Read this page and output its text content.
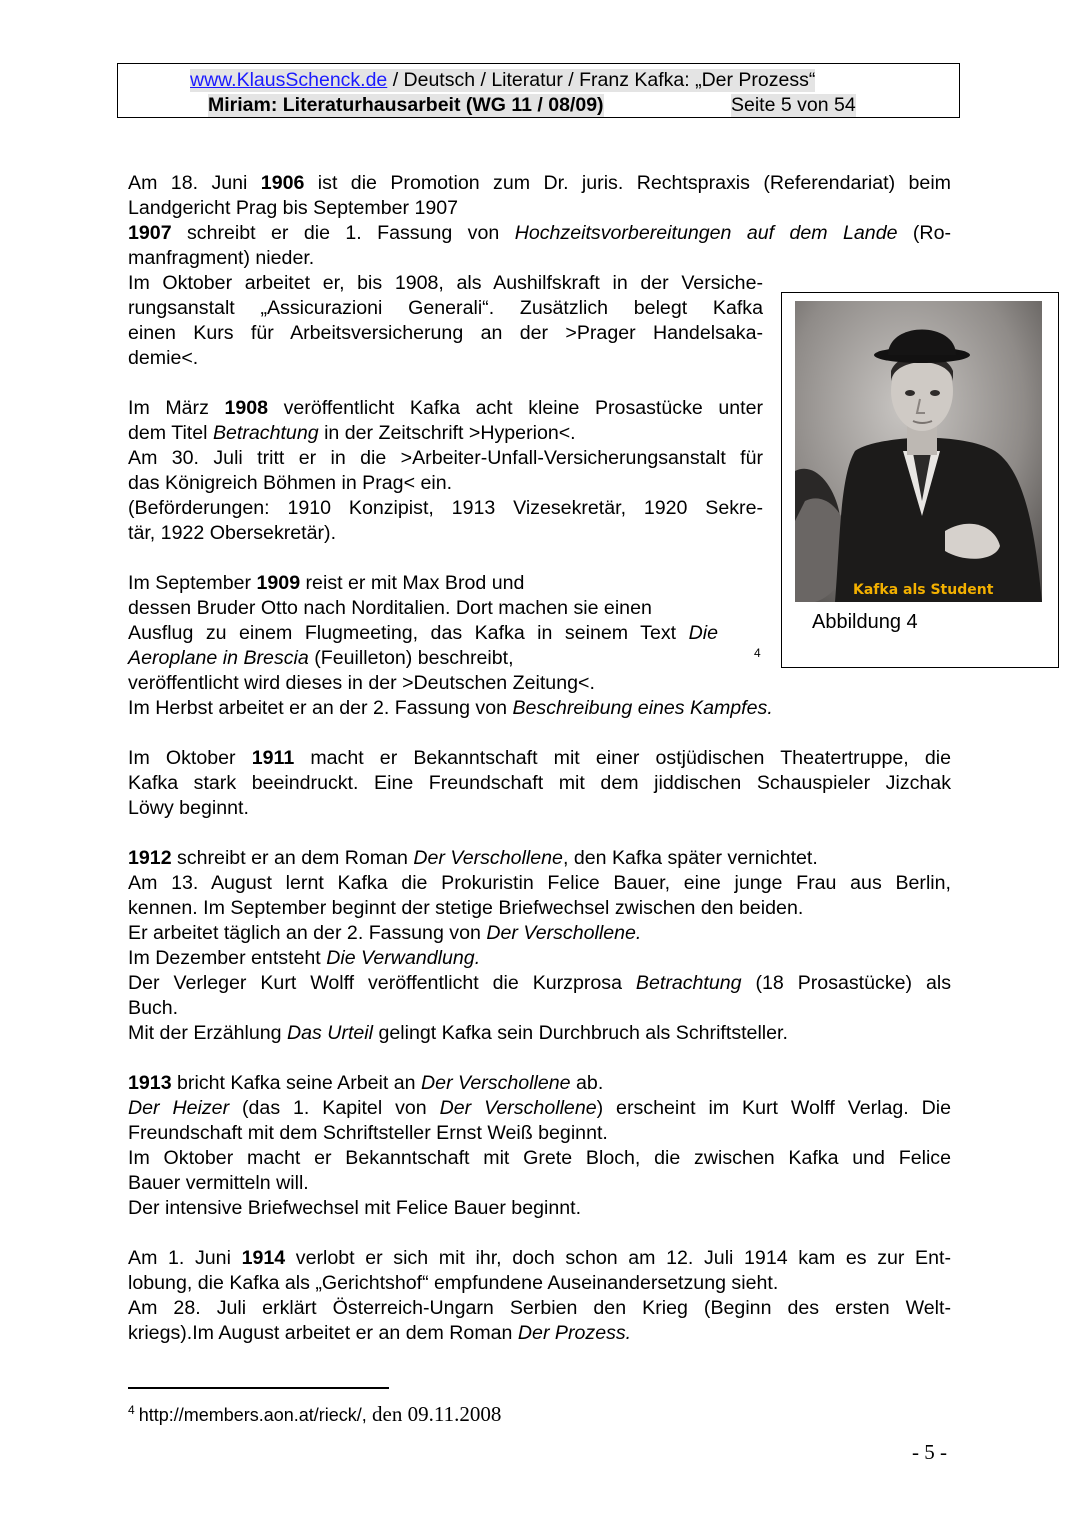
www.KlausSchenck.de / Deutsch / Literatur / Franz Kafka: „Der Prozess“
Miriam: Literaturhausarbeit (WG 11 / 08/09)	Seite 5 von 54

Am 18. Juni 1906 ist die Promotion zum Dr. juris. Rechtspraxis (Referendariat) beim

Landgericht Prag bis September 1907

1907 schreibt er die 1. Fassung von Hochzeitsvorbereitungen auf dem Lande (Ro-

manfragment) nieder.

Im Oktober arbeitet er, bis 1908, als Aushilfskraft in der Versiche-

rungsanstalt „Assicurazioni Generali“. Zusätzlich belegt Kafka

einen Kurs für Arbeitsversicherung an der >Prager Handelsaka-

demie<.

Im März 1908 veröffentlicht Kafka acht kleine Prosastücke unter

dem Titel Betrachtung in der Zeitschrift >Hyperion<.

Am 30. Juli tritt er in die >Arbeiter-Unfall-Versicherungsanstalt für

das Königreich Böhmen in Prag< ein.

(Beförderungen: 1910 Konzipist, 1913 Vizesekretär, 1920 Sekre-

tär, 1922 Obersekretär).

Im September 1909 reist er mit Max Brod und

dessen Bruder Otto nach Norditalien. Dort machen sie einen

Ausflug zu einem Flugmeeting, das Kafka in seinem Text Die

Aeroplane in Brescia (Feuilleton) beschreibt,

veröffentlicht wird dieses in der >Deutschen Zeitung<.

Im Herbst arbeitet er an der 2. Fassung von Beschreibung eines Kampfes.

4
Kafka als Student
Abbildung 4

Im Oktober 1911 macht er Bekanntschaft mit einer ostjüdischen Theatertruppe, die

Kafka stark beeindruckt. Eine Freundschaft mit dem jiddischen Schauspieler Jizchak

Löwy beginnt.

1912 schreibt er an dem Roman Der Verschollene, den Kafka später vernichtet.

Am 13. August lernt Kafka die Prokuristin Felice Bauer, eine junge Frau aus Berlin,

kennen. Im September beginnt der stetige Briefwechsel zwischen den beiden.

Er arbeitet täglich an der 2. Fassung von Der Verschollene.

Im Dezember entsteht Die Verwandlung.

Der Verleger Kurt Wolff veröffentlicht die Kurzprosa Betrachtung (18 Prosastücke) als

Buch.

Mit der Erzählung Das Urteil gelingt Kafka sein Durchbruch als Schriftsteller.

1913 bricht Kafka seine Arbeit an Der Verschollene ab.

Der Heizer (das 1. Kapitel von Der Verschollene) erscheint im Kurt Wolff Verlag. Die

Freundschaft mit dem Schriftsteller Ernst Weiß beginnt.

Im Oktober macht er Bekanntschaft mit Grete Bloch, die zwischen Kafka und Felice

Bauer vermitteln will.

Der intensive Briefwechsel mit Felice Bauer beginnt.

Am 1. Juni 1914 verlobt er sich mit ihr, doch schon am 12. Juli 1914 kam es zur Ent-

lobung, die Kafka als „Gerichtshof“ empfundene Auseinandersetzung sieht.

Am 28. Juli erklärt Österreich-Ungarn Serbien den Krieg (Beginn des ersten Welt-

kriegs).Im August arbeitet er an dem Roman Der Prozess.

$^4$ http://members.aon.at/rieck/, den 09.11.2008
- 5 -
